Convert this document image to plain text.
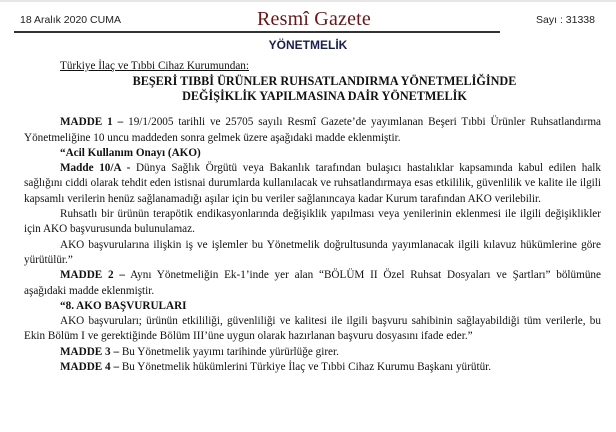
18 Aralık 2020 CUMA	Resmî Gazete	Sayı : 31338
YÖNETMELİK
Türkiye İlaç ve Tıbbi Cihaz Kurumundan:
BEŞERİ TIBBİ ÜRÜNLER RUHSATLANDIRMA YÖNETMELİĞİNDE
DEĞİŞİKLİK YAPILMASINA DAİR YÖNETMELİK

MADDE 1 – 19/1/2005 tarihli ve 25705 sayılı Resmî Gazete’de yayımlanan Beşeri Tıbbi Ürünler Ruhsatlandırma Yönetmeliğine 10 uncu maddeden sonra gelmek üzere aşağıdaki madde eklenmiştir.

“Acil Kullanım Onayı (AKO)

Madde 10/A - Dünya Sağlık Örgütü veya Bakanlık tarafından bulaşıcı hastalıklar kapsamında kabul edilen halk sağlığını ciddi olarak tehdit eden istisnai durumlarda kullanılacak ve ruhsatlandırmaya esas etkililik, güvenlilik ve kalite ile ilgili kapsamlı verilerin henüz sağlanamadığı aşılar için bu veriler sağlanıncaya kadar Kurum tarafından AKO verilebilir.

Ruhsatlı bir ürünün terapötik endikasyonlarında değişiklik yapılması veya yenilerinin eklenmesi ile ilgili değişiklikler için AKO başvurusunda bulunulamaz.

AKO başvurularına ilişkin iş ve işlemler bu Yönetmelik doğrultusunda yayımlanacak ilgili kılavuz hükümlerine göre yürütülür.”

MADDE 2 – Aynı Yönetmeliğin Ek-1’inde yer alan “BÖLÜM II Özel Ruhsat Dosyaları ve Şartları” bölümüne aşağıdaki madde eklenmiştir.

“8. AKO BAŞVURULARI

AKO başvuruları; ürünün etkililiği, güvenliliği ve kalitesi ile ilgili başvuru sahibinin sağlayabildiği tüm verilerle, bu Ekin Bölüm I ve gerektiğinde Bölüm III’üne uygun olarak hazırlanan başvuru dosyasını ifade eder.”

MADDE 3 – Bu Yönetmelik yayımı tarihinde yürürlüğe girer.

MADDE 4 – Bu Yönetmelik hükümlerini Türkiye İlaç ve Tıbbi Cihaz Kurumu Başkanı yürütür.
